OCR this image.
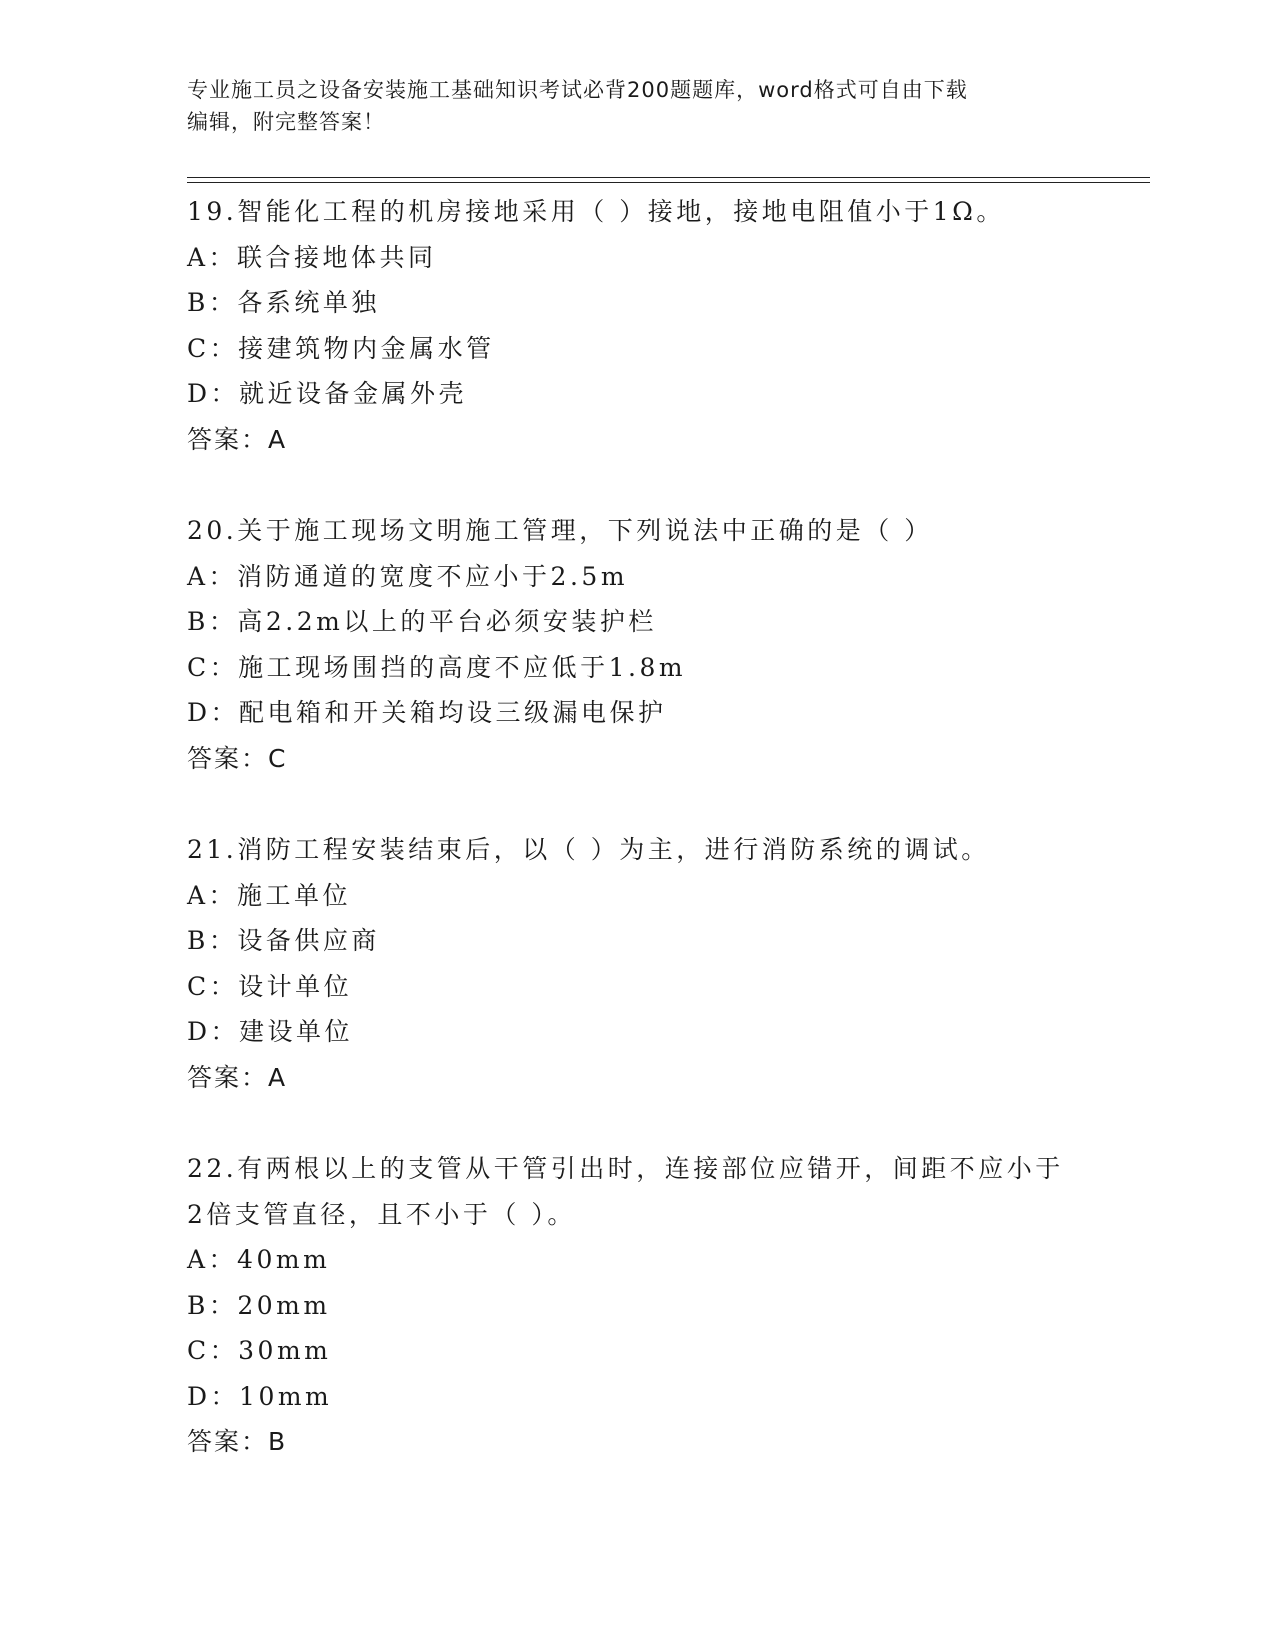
专业施工员之设备安装施工基础知识考试必背200题题库，word格式可自由下载
编辑，附完整答案！
19.智能化工程的机房接地采用（ ）接地，接地电阻值小于1Ω。
A：联合接地体共同
B：各系统单独
C：接建筑物内金属水管
D：就近设备金属外壳
答案：A
20.关于施工现场文明施工管理，下列说法中正确的是（ ）
A：消防通道的宽度不应小于2.5m
B：高2.2m以上的平台必须安装护栏
C：施工现场围挡的高度不应低于1.8m
D：配电箱和开关箱均设三级漏电保护
答案：C
21.消防工程安装结束后，以（ ）为主，进行消防系统的调试。
A：施工单位
B：设备供应商
C：设计单位
D：建设单位
答案：A
22.有两根以上的支管从干管引出时，连接部位应错开，间距不应小于
2倍支管直径，且不小于（ ）。
A：40mm
B：20mm
C：30mm
D：10mm
答案：B
